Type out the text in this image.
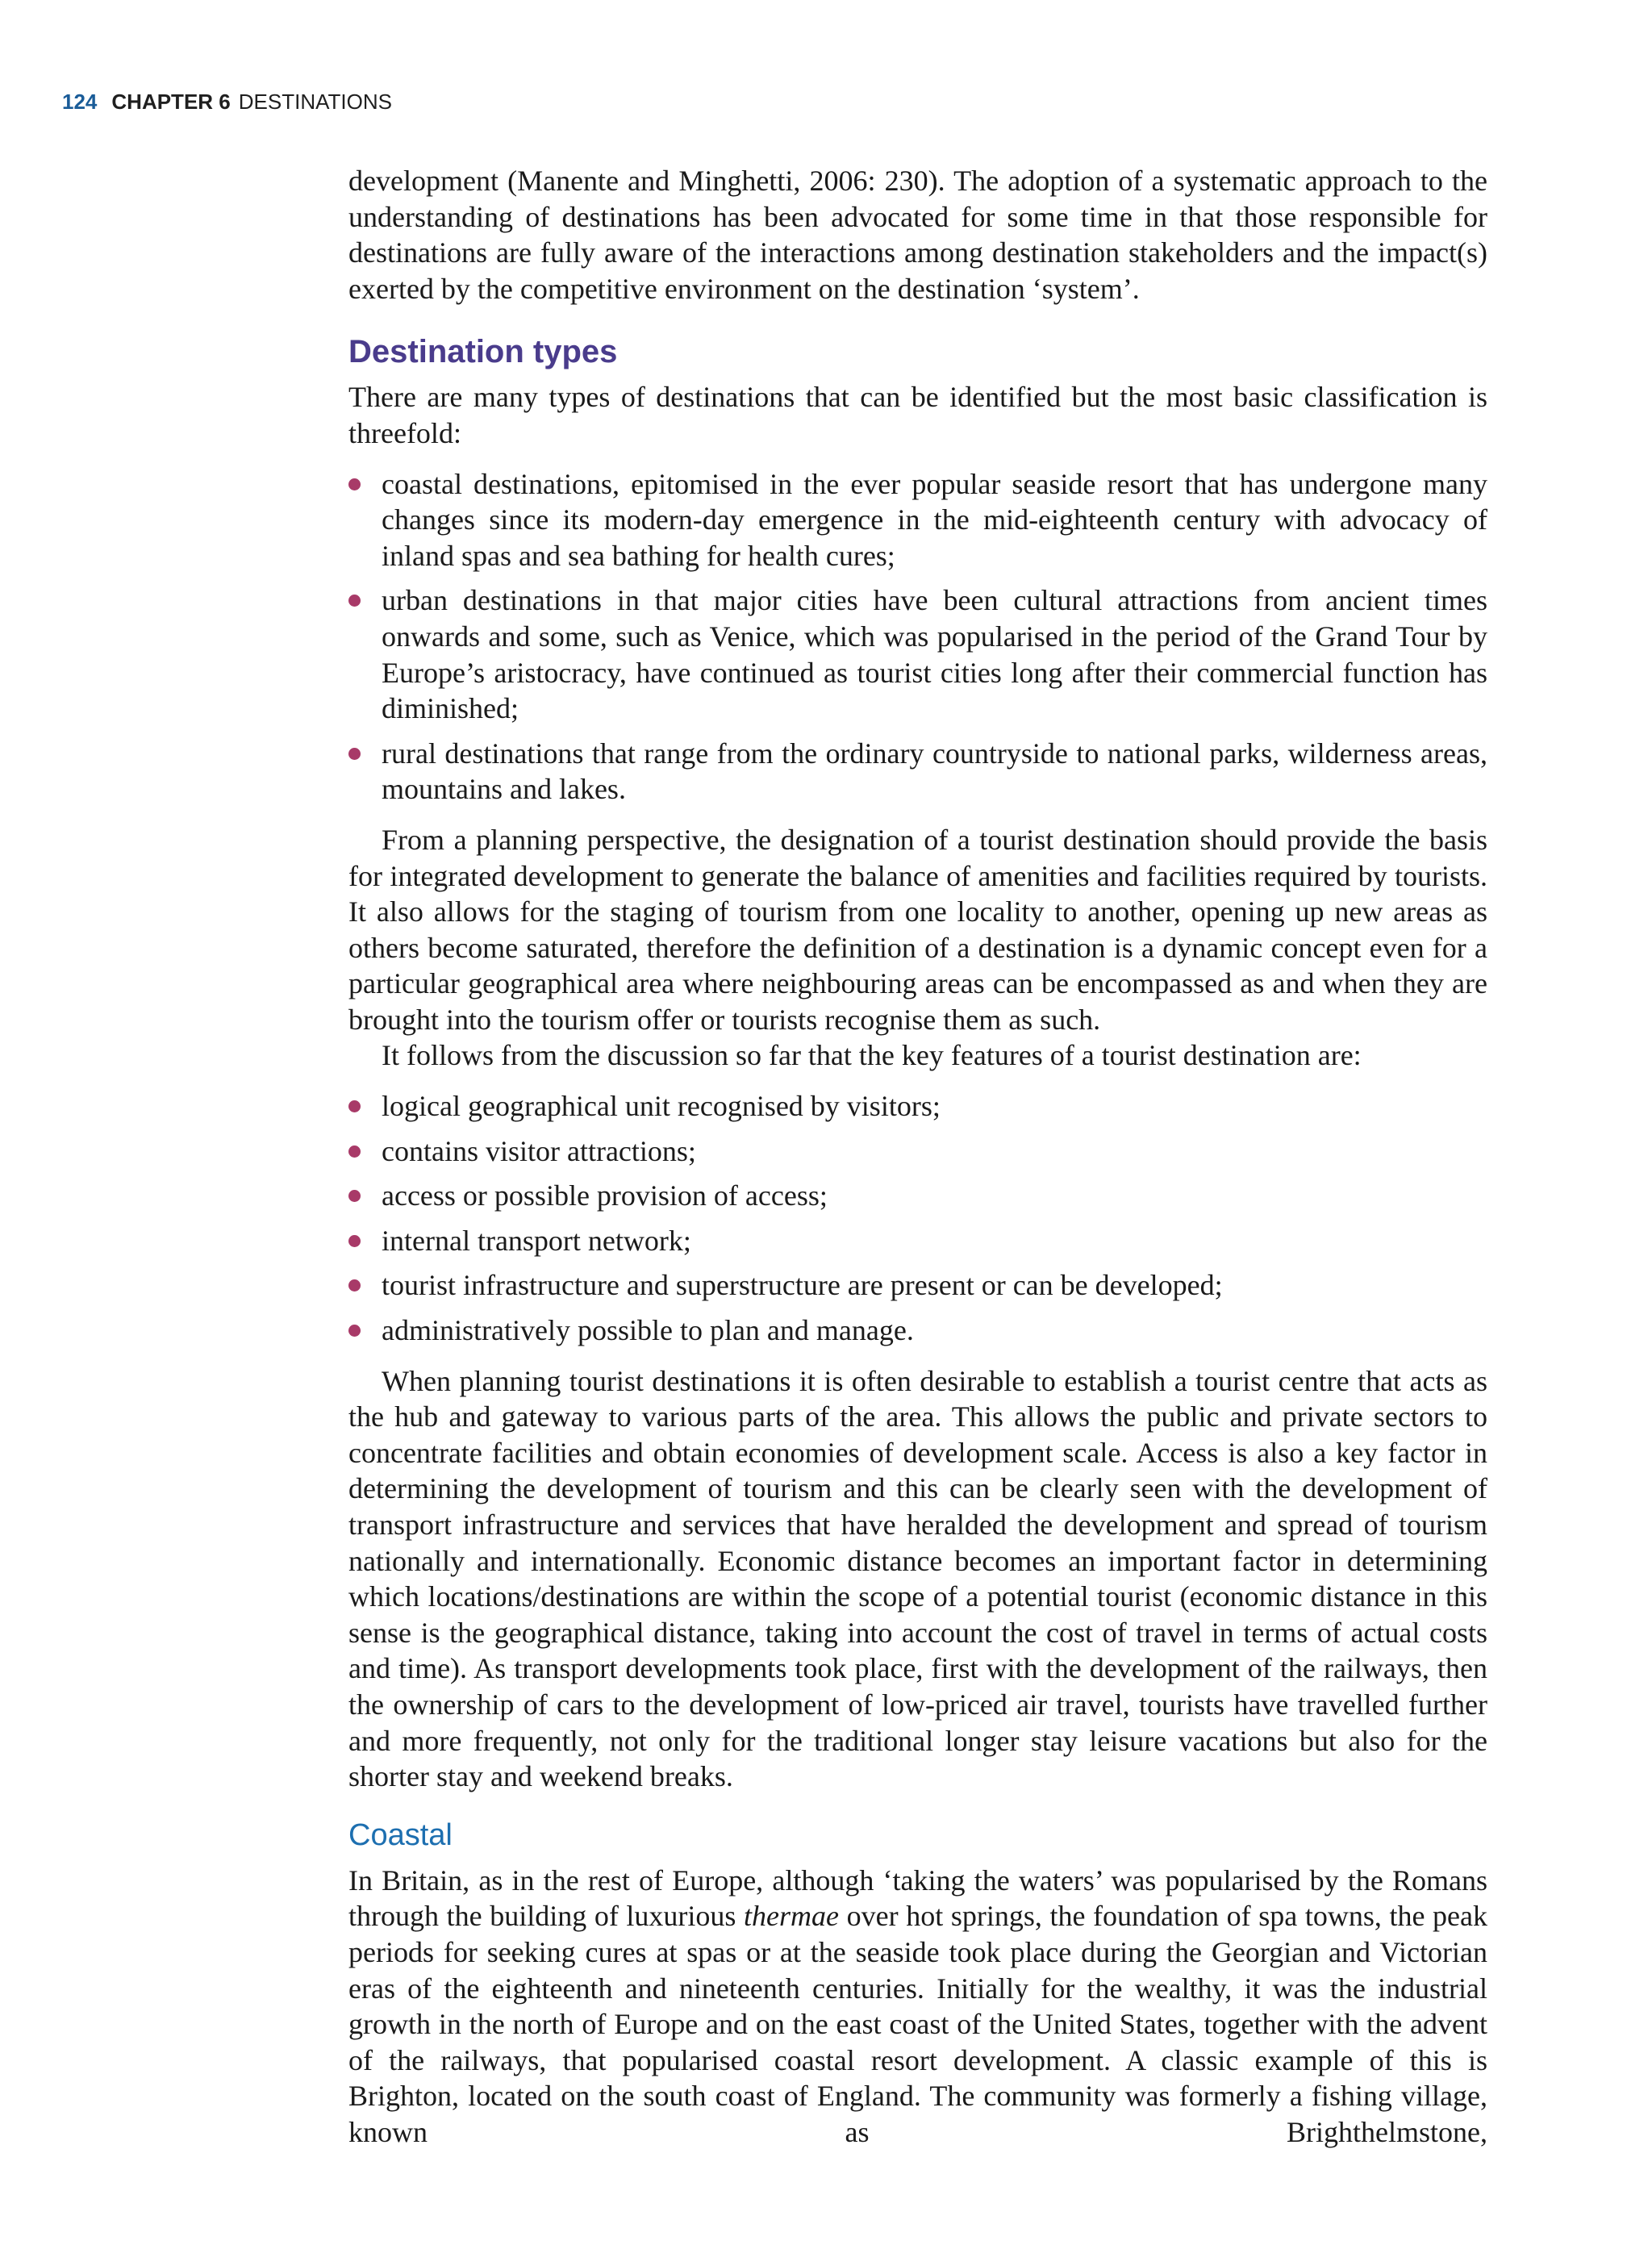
124 CHAPTER 6 DESTINATIONS

development (Manente and Minghetti, 2006: 230). The adoption of a systematic approach to the understanding of destinations has been advocated for some time in that those responsible for destinations are fully aware of the interactions among destination stakeholders and the impact(s) exerted by the competitive environment on the destination ‘system’.

Destination types

There are many types of destinations that can be identified but the most basic classification is threefold:

coastal destinations, epitomised in the ever popular seaside resort that has undergone many changes since its modern-day emergence in the mid-eighteenth century with advocacy of inland spas and sea bathing for health cures;
urban destinations in that major cities have been cultural attractions from ancient times onwards and some, such as Venice, which was popularised in the period of the Grand Tour by Europe’s aristocracy, have continued as tourist cities long after their commercial function has diminished;
rural destinations that range from the ordinary countryside to national parks, wilderness areas, mountains and lakes.

From a planning perspective, the designation of a tourist destination should provide the basis for integrated development to generate the balance of amenities and facilities required by tourists. It also allows for the staging of tourism from one locality to another, opening up new areas as others become saturated, therefore the definition of a destination is a dynamic concept even for a particular geographical area where neighbouring areas can be encompassed as and when they are brought into the tourism offer or tourists recognise them as such.

It follows from the discussion so far that the key features of a tourist destination are:

logical geographical unit recognised by visitors;
contains visitor attractions;
access or possible provision of access;
internal transport network;
tourist infrastructure and superstructure are present or can be developed;
administratively possible to plan and manage.

When planning tourist destinations it is often desirable to establish a tourist centre that acts as the hub and gateway to various parts of the area. This allows the public and private sectors to concentrate facilities and obtain economies of development scale. Access is also a key factor in determining the development of tourism and this can be clearly seen with the development of transport infrastructure and services that have heralded the development and spread of tourism nationally and internationally. Economic distance becomes an important factor in determining which locations/destinations are within the scope of a potential tourist (economic distance in this sense is the geographical distance, taking into account the cost of travel in terms of actual costs and time). As transport developments took place, first with the development of the railways, then the ownership of cars to the development of low-priced air travel, tourists have travelled further and more frequently, not only for the traditional longer stay leisure vacations but also for the shorter stay and weekend breaks.

Coastal

In Britain, as in the rest of Europe, although ‘taking the waters’ was popularised by the Romans through the building of luxurious thermae over hot springs, the foundation of spa towns, the peak periods for seeking cures at spas or at the seaside took place during the Georgian and Victorian eras of the eighteenth and nineteenth centuries. Initially for the wealthy, it was the industrial growth in the north of Europe and on the east coast of the United States, together with the advent of the railways, that popularised coastal resort development. A classic example of this is Brighton, located on the south coast of England. The community was formerly a fishing village, known as Brighthelmstone,
